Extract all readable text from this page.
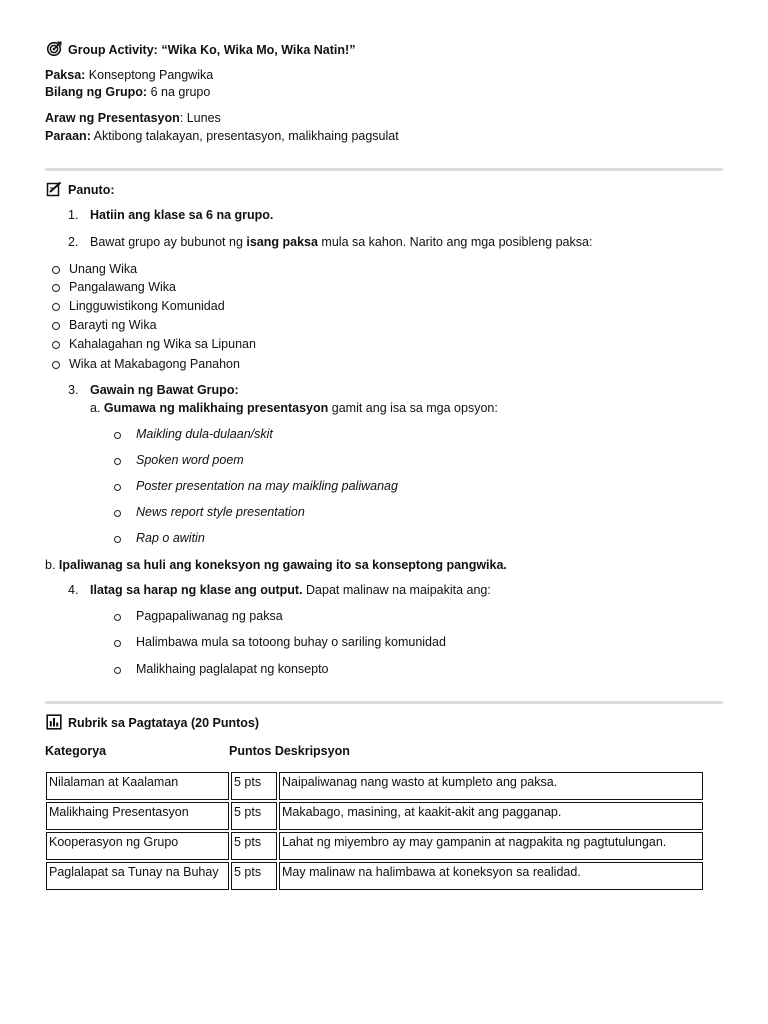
Group Activity: “Wika Ko, Wika Mo, Wika Natin!”
Paksa: Konseptong Pangwika
Bilang ng Grupo: 6 na grupo
Araw ng Presentasyon: Lunes
Paraan: Aktibong talakayan, presentasyon, malikhaing pagsulat
Panuto:
1. Hatiin ang klase sa 6 na grupo.
2. Bawat grupo ay bubunot ng isang paksa mula sa kahon. Narito ang mga posibleng paksa:
Unang Wika
Pangalawang Wika
Lingguwistikong Komunidad
Barayti ng Wika
Kahalagahan ng Wika sa Lipunan
Wika at Makabagong Panahon
3. Gawain ng Bawat Grupo:
a. Gumawa ng malikhaing presentasyon gamit ang isa sa mga opsyon:
Maikling dula-dulaan/skit
Spoken word poem
Poster presentation na may maikling paliwanag
News report style presentation
Rap o awitin
b. Ipaliwanag sa huli ang koneksyon ng gawaing ito sa konseptong pangwika.
4. Ilatag sa harap ng klase ang output. Dapat malinaw na maipakita ang:
Pagpapaliwanag ng paksa
Halimbawa mula sa totoong buhay o sariling komunidad
Malikhaing paglalapat ng konsepto
Rubrik sa Pagtataya (20 Puntos)
Kategorya	Puntos Deskripsyon
Nilalaman at Kaalaman	5 pts	Naipaliwanag nang wasto at kumpleto ang paksa.
Malikhaing Presentasyon	5 pts	Makabago, masining, at kaakit-akit ang pagganap.
Kooperasyon ng Grupo	5 pts	Lahat ng miyembro ay may gampanin at nagpakita ng pagtutulungan.
Paglalapat sa Tunay na Buhay	5 pts	May malinaw na halimbawa at koneksyon sa realidad.
